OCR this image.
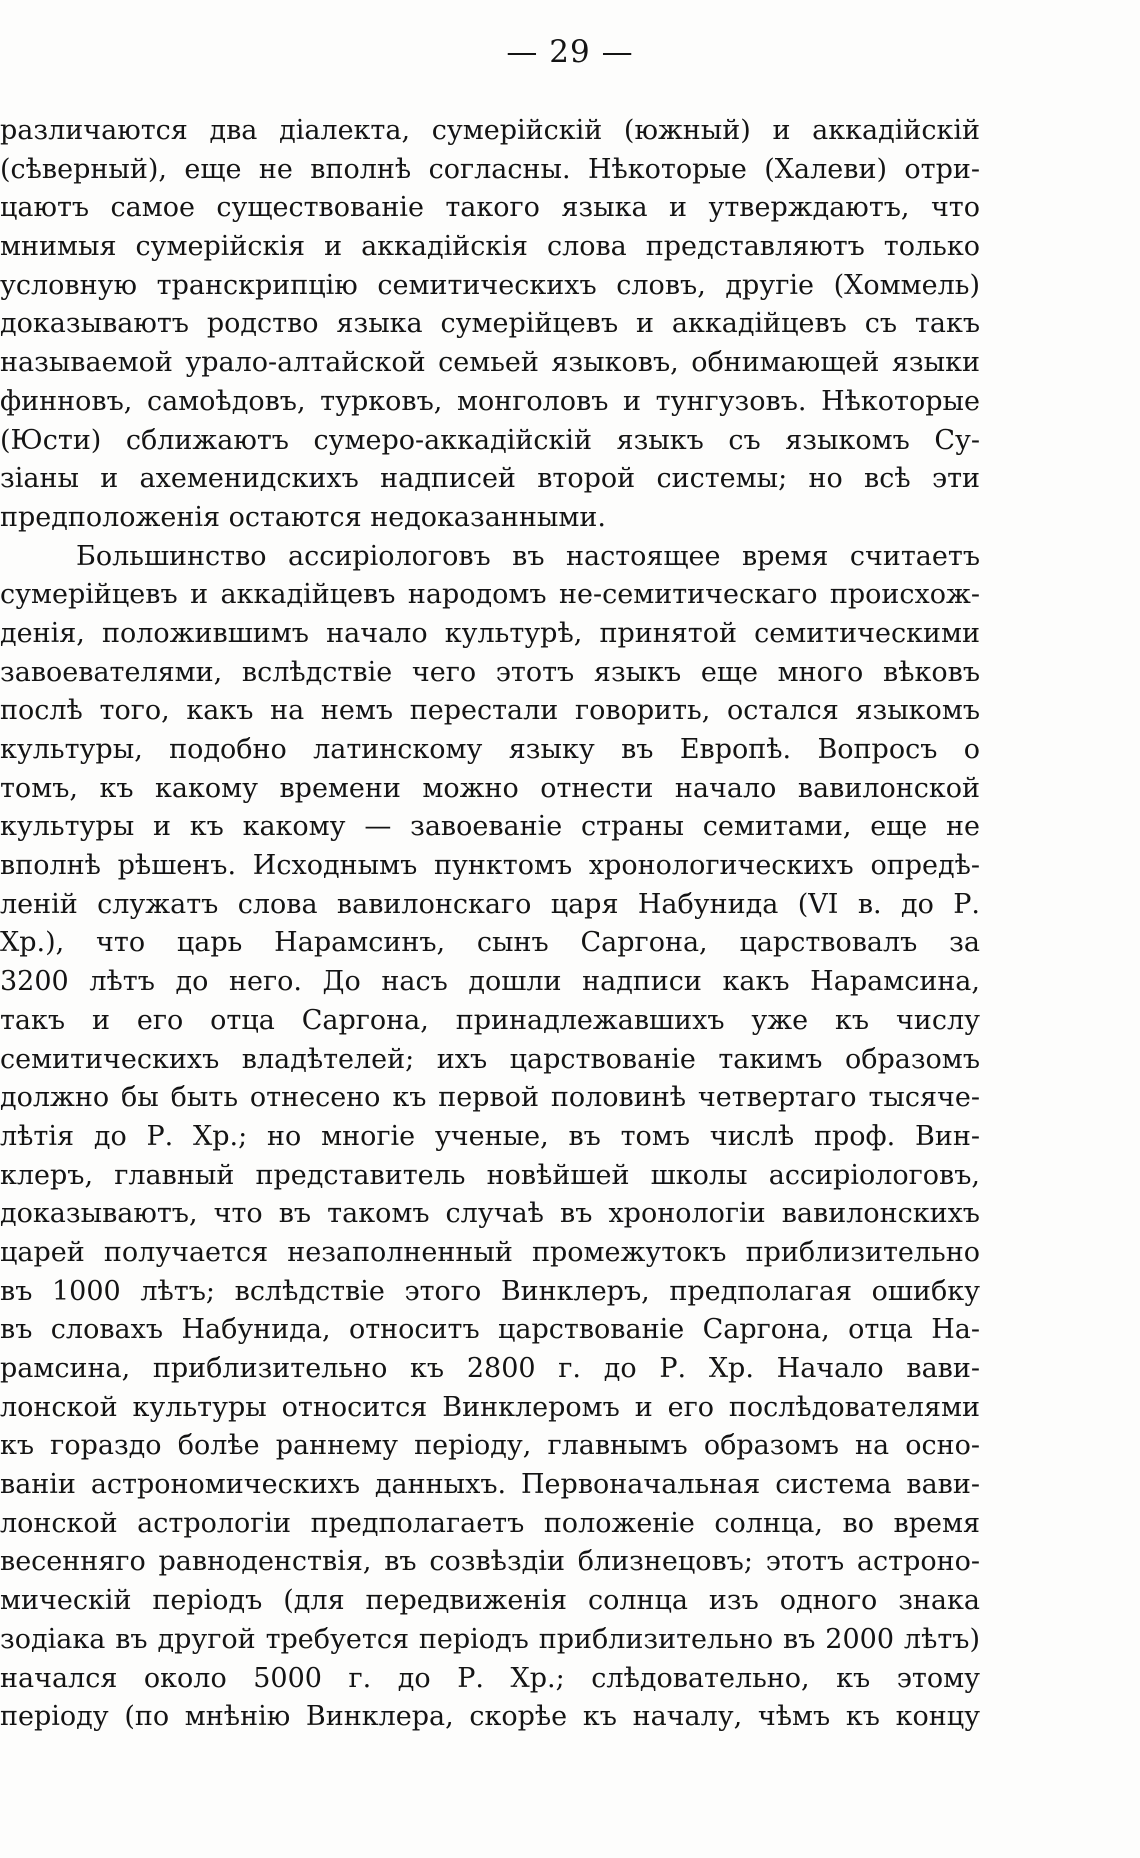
— 29 —
различаются два діалекта, сумерійскій (южный) и аккадійскій
(сѣверный), еще не вполнѣ согласны. Нѣкоторые (Халеви) отри-
цаютъ самое существованіе такого языка и утверждаютъ, что
мнимыя сумерійскія и аккадійскія слова представляютъ только
условную транскрипцію семитическихъ словъ, другіе (Хоммель)
доказываютъ родство языка сумерійцевъ и аккадійцевъ съ такъ
называемой урало-алтайской семьей языковъ, обнимающей языки
финновъ, самоѣдовъ, турковъ, монголовъ и тунгузовъ. Нѣкоторые
(Юсти) сближаютъ сумеро-аккадійскій языкъ съ языкомъ Су-
зіаны и ахеменидскихъ надписей второй системы; но всѣ эти
предположенія остаются недоказанными.
Большинство ассиріологовъ въ настоящее время считаетъ
сумерійцевъ и аккадійцевъ народомъ не-семитическаго происхож-
денія, положившимъ начало культурѣ, принятой семитическими
завоевателями, вслѣдствіе чего этотъ языкъ еще много вѣковъ
послѣ того, какъ на немъ перестали говорить, остался языкомъ
культуры, подобно латинскому языку въ Европѣ. Вопросъ о
томъ, къ какому времени можно отнести начало вавилонской
культуры и къ какому — завоеваніе страны семитами, еще не
вполнѣ рѣшенъ. Исходнымъ пунктомъ хронологическихъ опредѣ-
леній служатъ слова вавилонскаго царя Набунида (VI в. до Р.
Хр.), что царь Нарамсинъ, сынъ Саргона, царствовалъ за
3200 лѣтъ до него. До насъ дошли надписи какъ Нарамсина,
такъ и его отца Саргона, принадлежавшихъ уже къ числу
семитическихъ владѣтелей; ихъ царствованіе такимъ образомъ
должно бы быть отнесено къ первой половинѣ четвертаго тысяче-
лѣтія до Р. Хр.; но многіе ученые, въ томъ числѣ проф. Вин-
клеръ, главный представитель новѣйшей школы ассиріологовъ,
доказываютъ, что въ такомъ случаѣ въ хронологіи вавилонскихъ
царей получается незаполненный промежутокъ приблизительно
въ 1000 лѣтъ; вслѣдствіе этого Винклеръ, предполагая ошибку
въ словахъ Набунида, относитъ царствованіе Саргона, отца На-
рамсина, приблизительно къ 2800 г. до Р. Хр. Начало вави-
лонской культуры относится Винклеромъ и его послѣдователями
къ гораздо болѣе раннему періоду, главнымъ образомъ на осно-
ваніи астрономическихъ данныхъ. Первоначальная система вави-
лонской астрологіи предполагаетъ положеніе солнца, во время
весенняго равноденствія, въ созвѣздіи близнецовъ; этотъ астроно-
мическій періодъ (для передвиженія солнца изъ одного знака
зодіака въ другой требуется періодъ приблизительно въ 2000 лѣтъ)
начался около 5000 г. до Р. Хр.; слѣдовательно, къ этому
періоду (по мнѣнію Винклера, скорѣе къ началу, чѣмъ къ концу
